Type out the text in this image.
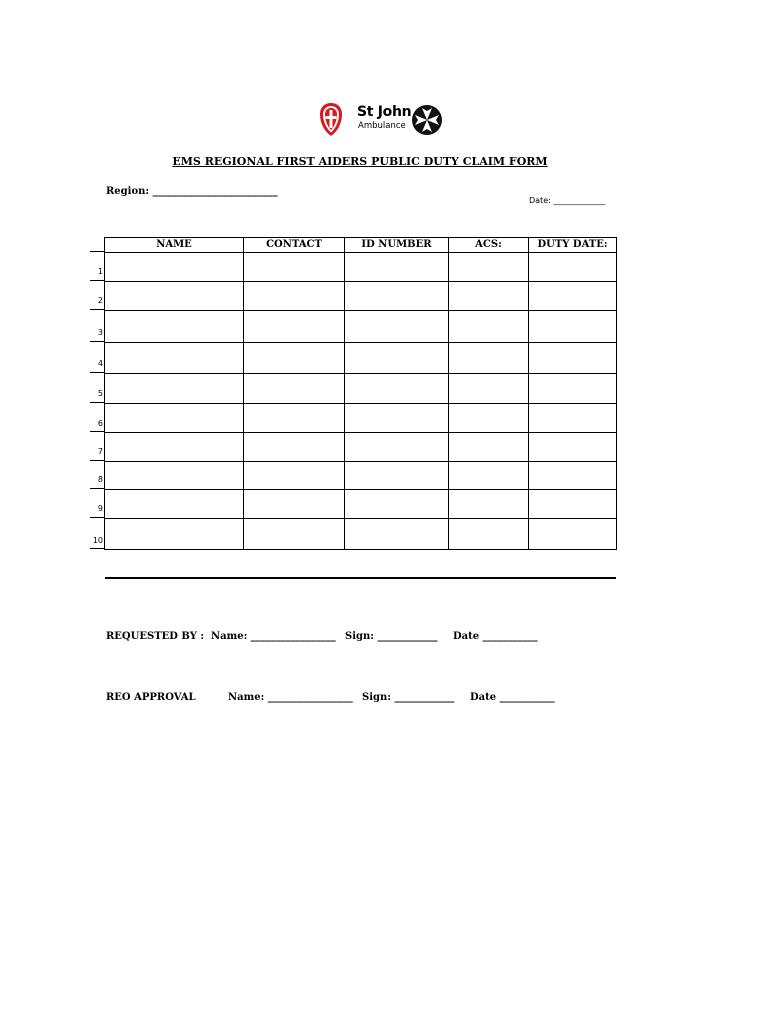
St John
Ambulance
EMS REGIONAL FIRST AIDERS PUBLIC DUTY CLAIM FORM
Region: _________________________
Date: _____________
NAME	CONTACT	ID NUMBER	ACS:	DUTY DATE:

1
2
3
4
5
6
7
8
9
10
REQUESTED BY : Name: _________________ Sign: ____________ Date ___________
REO APPROVAL	Name: _________________ Sign: ____________ Date ___________
